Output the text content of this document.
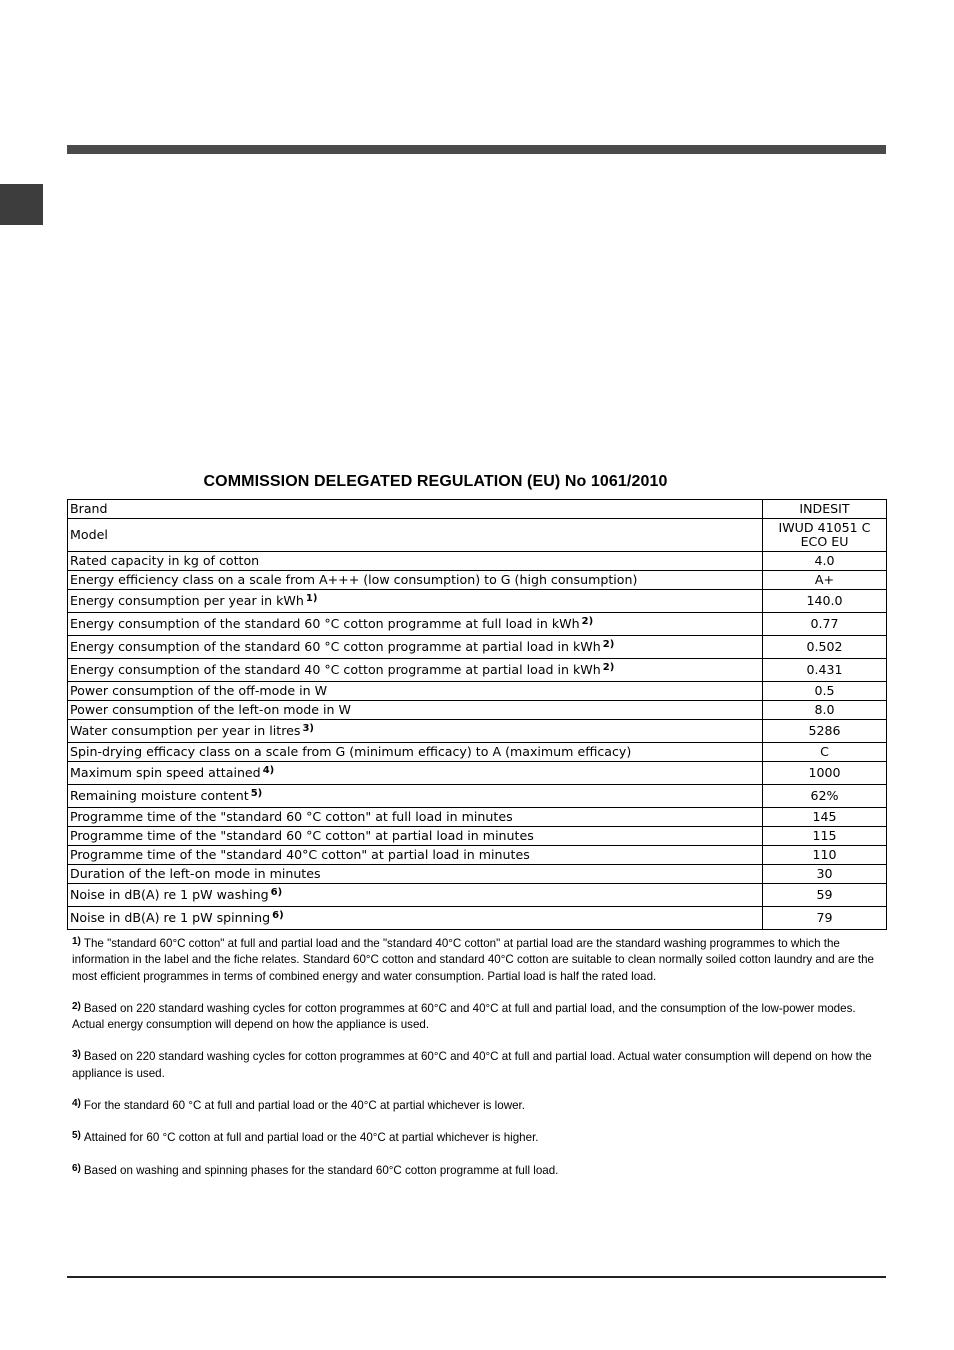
COMMISSION DELEGATED REGULATION (EU) No 1061/2010
Brand	INDESIT
Model	IWUD 41051 C ECO EU
Rated capacity in kg of cotton	4.0
Energy efficiency class on a scale from A+++ (low consumption) to G (high consumption)	A+
Energy consumption per year in kWh $^{1)}$	140.0
Energy consumption of the standard 60 °C cotton programme at full load in kWh $^{2)}$	0.77
Energy consumption of the standard 60 °C cotton programme at partial load in kWh $^{2)}$	0.502
Energy consumption of the standard 40 °C cotton programme at partial load in kWh $^{2)}$	0.431
Power consumption of the off-mode in W	0.5
Power consumption of the left-on mode in W	8.0
Water consumption per year in litres $^{3)}$	5286
Spin-drying efficacy class on a scale from G (minimum efficacy) to A (maximum efficacy)	C
Maximum spin speed attained $^{4)}$	1000
Remaining moisture content $^{5)}$	62%
Programme time of the "standard 60 °C cotton" at full load in minutes	145
Programme time of the "standard 60 °C cotton" at partial load in minutes	115
Programme time of the "standard 40°C cotton" at partial load in minutes	110
Duration of the left-on mode in minutes	30
Noise in dB(A) re 1 pW washing $^{6)}$	59
Noise in dB(A) re 1 pW spinning $^{6)}$	79

1) The "standard 60°C cotton" at full and partial load and the "standard 40°C cotton" at partial load are the standard washing programmes to which the information in the label and the fiche relates. Standard 60°C cotton and standard 40°C cotton are suitable to clean normally soiled cotton laundry and are the most efficient programmes in terms of combined energy and water consumption. Partial load is half the rated load.

2) Based on 220 standard washing cycles for cotton programmes at 60°C and 40°C at full and partial load, and the consumption of the low-power modes. Actual energy consumption will depend on how the appliance is used.

3) Based on 220 standard washing cycles for cotton programmes at 60°C and 40°C at full and partial load. Actual water consumption will depend on how the appliance is used.

4) For the standard 60 °C at full and partial load or the 40°C at partial whichever is lower.

5) Attained for 60 °C cotton at full and partial load or the 40°C at partial whichever is higher.

6) Based on washing and spinning phases for the standard 60°C cotton programme at full load.
